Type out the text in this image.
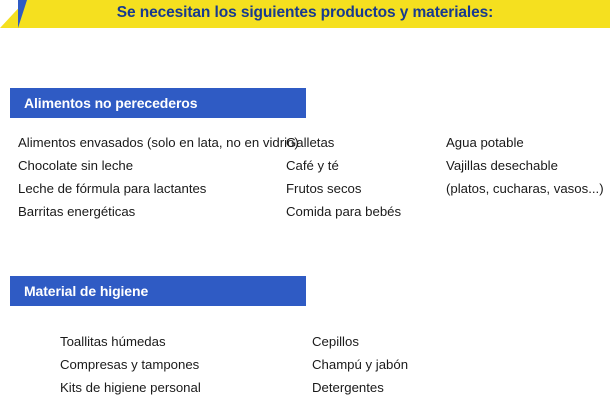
Se necesitan los siguientes productos y materiales:
Alimentos no perecederos
Alimentos envasados (solo en lata, no en vidrio)
Chocolate sin leche
Leche de fórmula para lactantes
Barritas energéticas
Galletas
Café y té
Frutos secos
Comida para bebés
Agua potable
Vajillas desechable
(platos, cucharas, vasos...)
Material de higiene
Toallitas húmedas
Compresas y tampones
Kits de higiene personal
Cepillos
Champú y jabón
Detergentes
